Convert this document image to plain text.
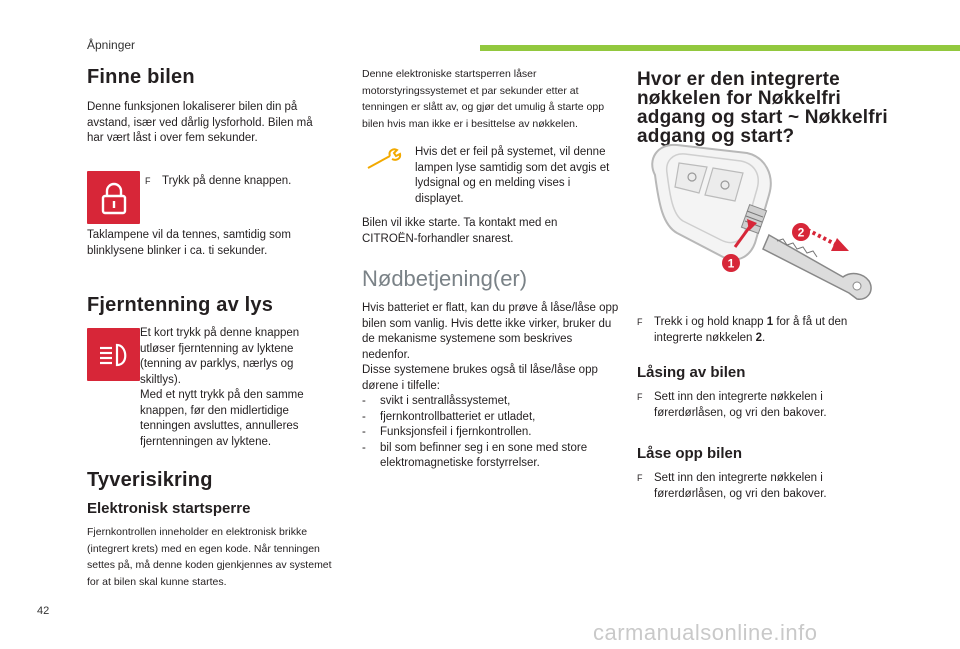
Åpninger
Finne bilen

Denne funksjonen lokaliserer bilen din på avstand, især ved dårlig lysforhold. Bilen må har vært låst i over fem sekunder.

F	Trykk på denne knappen.

Taklampene vil da tennes, samtidig som blinklysene blinker i ca. ti sekunder.

Fjerntenning av lys

Et kort trykk på denne knappen utløser fjerntenning av lyktene (tenning av parklys, nærlys og skiltlys).
Med et nytt trykk på den samme knappen, før den midlertidige tenningen avsluttes, annulleres fjerntenningen av lyktene.

Tyverisikring
Elektronisk startsperre

Fjernkontrollen inneholder en elektronisk brikke (integrert krets) med en egen kode. Når tenningen settes på, må denne koden gjenkjennes av systemet for at bilen skal kunne startes.

Denne elektroniske startsperren låser motorstyringssystemet et par sekunder etter at tenningen er slått av, og gjør det umulig å starte opp bilen hvis man ikke er i besittelse av nøkkelen.

Hvis det er feil på systemet, vil denne lampen lyse samtidig som det avgis et lydsignal og en melding vises i displayet.

Bilen vil ikke starte. Ta kontakt med en CITROËN-forhandler snarest.

Nødbetjening(er)

Hvis batteriet er flatt, kan du prøve å låse/låse opp bilen som vanlig. Hvis dette ikke virker, bruker du de mekanisme systemene som beskrives nedenfor.
Disse systemene brukes også til låse/låse opp dørene i tilfelle:

- svikt i sentrallåssystemet,
- fjernkontrollbatteriet er utladet,
- Funksjonsfeil i fjernkontrollen.
- bil som befinner seg i en sone med store elektromagnetiske forstyrrelser.
Hvor er den integrerte nøkkelen for Nøkkelfri adgang og start ~ Nøkkelfri adgang og start?
1
2
F	Trekk i og hold knapp 1 for å få ut den integrerte nøkkelen 2.
Låsing av bilen
F	Sett inn den integrerte nøkkelen i førerdørlåsen, og vri den bakover.
Låse opp bilen
F	Sett inn den integrerte nøkkelen i førerdørlåsen, og vri den bakover.
42
carmanualsonline.info
